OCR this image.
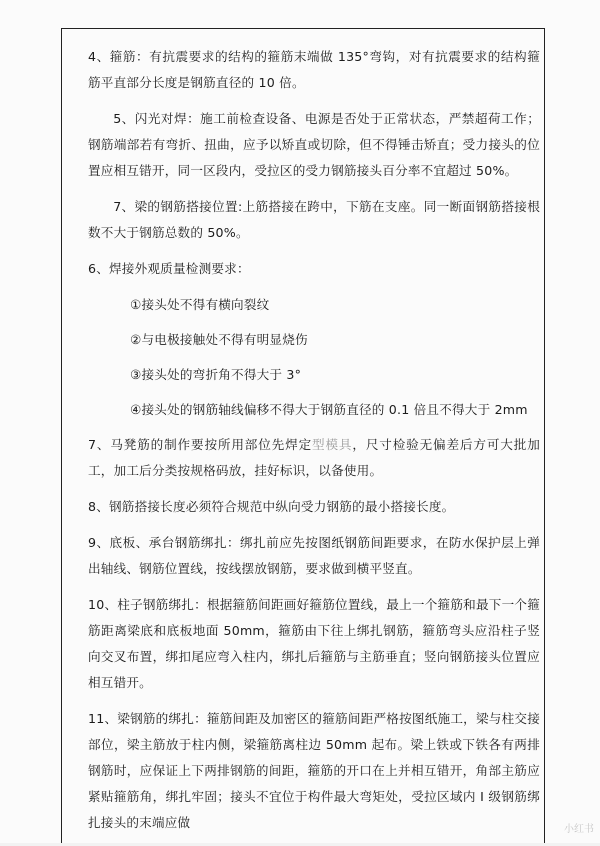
4、箍筋：有抗震要求的结构的箍筋末端做 135°弯钩，对有抗震要求的结构箍筋平直部分长度是钢筋直径的 10 倍。

5、闪光对焊：施工前检查设备、电源是否处于正常状态，严禁超荷工作；钢筋端部若有弯折、扭曲，应予以矫直或切除，但不得锤击矫直；受力接头的位置应相互错开，同一区段内，受拉区的受力钢筋接头百分率不宜超过 50%。

7、梁的钢筋搭接位置:上筋搭接在跨中，下筋在支座。同一断面钢筋搭接根数不大于钢筋总数的 50%。

6、焊接外观质量检测要求：

①接头处不得有横向裂纹

②与电极接触处不得有明显烧伤

③接头处的弯折角不得大于 3°

④接头处的钢筋轴线偏移不得大于钢筋直径的 0.1 倍且不得大于 2mm

7、马凳筋的制作要按所用部位先焊定型模具，尺寸检验无偏差后方可大批加工，加工后分类按规格码放，挂好标识，以备使用。

8、钢筋搭接长度必须符合规范中纵向受力钢筋的最小搭接长度。

9、底板、承台钢筋绑扎：绑扎前应先按图纸钢筋间距要求，在防水保护层上弹出轴线、钢筋位置线，按线摆放钢筋，要求做到横平竖直。

10、柱子钢筋绑扎：根据箍筋间距画好箍筋位置线，最上一个箍筋和最下一个箍筋距离梁底和底板地面 50mm，箍筋由下往上绑扎钢筋，箍筋弯头应沿柱子竖向交叉布置，绑扣尾应弯入柱内，绑扎后箍筋与主筋垂直；竖向钢筋接头位置应相互错开。

11、梁钢筋的绑扎：箍筋间距及加密区的箍筋间距严格按图纸施工，梁与柱交接部位，梁主筋放于柱内侧，梁箍筋离柱边 50mm 起布。梁上铁或下铁各有两排钢筋时，应保证上下两排钢筋的间距，箍筋的开口在上并相互错开，角部主筋应紧贴箍筋角，绑扎牢固；接头不宜位于构件最大弯矩处，受拉区域内 I 级钢筋绑扎接头的末端应做	小红书
